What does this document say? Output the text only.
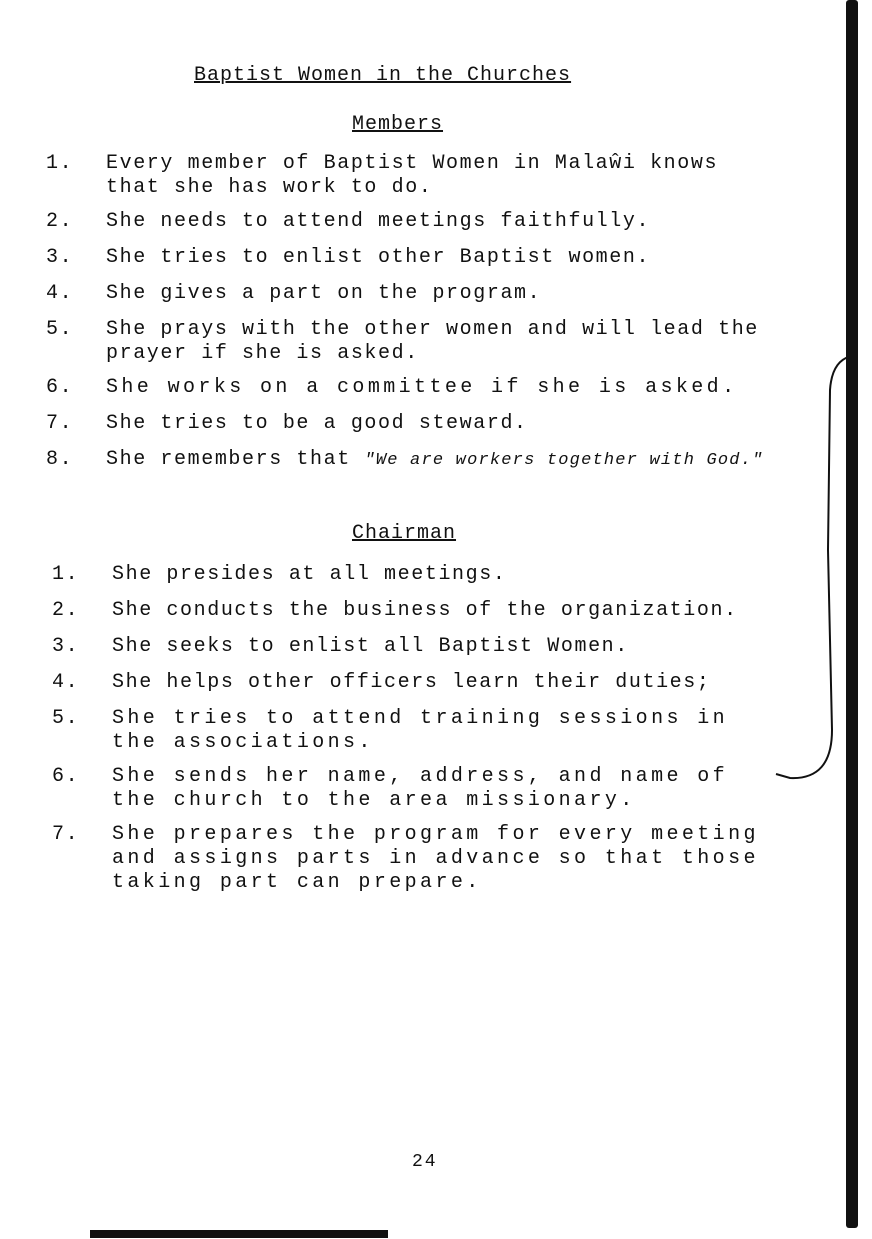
Baptist Women in the Churches
Members
1. Every member of Baptist Women in Malaŵi knows that she has work to do.
2. She needs to attend meetings faithfully.
3. She tries to enlist other Baptist women.
4. She gives a part on the program.
5. She prays with the other women and will lead the prayer if she is asked.
6. She works on a committee if she is asked.
7. She tries to be a good steward.
8. She remembers that "We are workers together with God."
Chairman
1. She presides at all meetings.
2. She conducts the business of the organization.
3. She seeks to enlist all Baptist Women.
4. She helps other officers learn their duties;
5. She tries to attend training sessions in the associations.
6. She sends her name, address, and name of the church to the area missionary.
7. She prepares the program for every meeting and assigns parts in advance so that those taking part can prepare.
24
